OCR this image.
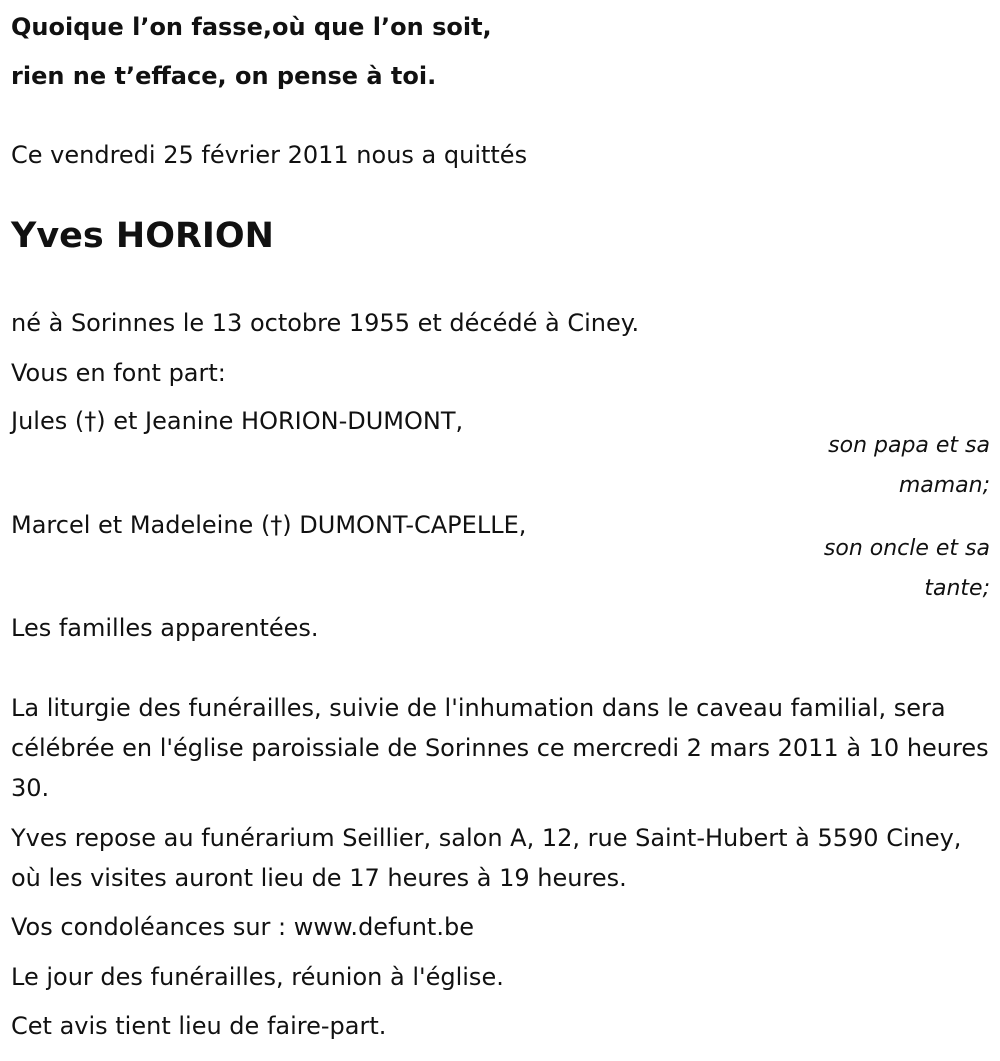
Quoique l’on fasse,où que l’on soit,

rien ne t’efface, on pense à toi.

Ce vendredi 25 février 2011 nous a quittés

Yves HORION

né à Sorinnes le 13 octobre 1955 et décédé à Ciney.

Vous en font part:

Jules (†) et Jeanine HORION-DUMONT,

son papa et sa maman;

Marcel et Madeleine (†) DUMONT-CAPELLE,

son oncle et sa tante;

Les familles apparentées.

La liturgie des funérailles, suivie de l'inhumation dans le caveau familial, sera célébrée en l'église paroissiale de Sorinnes ce mercredi 2 mars 2011 à 10 heures 30.

Yves repose au funérarium Seillier, salon A, 12, rue Saint-Hubert à 5590 Ciney, où les visites auront lieu de 17 heures à 19 heures.

Vos condoléances sur : www.defunt.be

Le jour des funérailles, réunion à l'église.

Cet avis tient lieu de faire-part.
